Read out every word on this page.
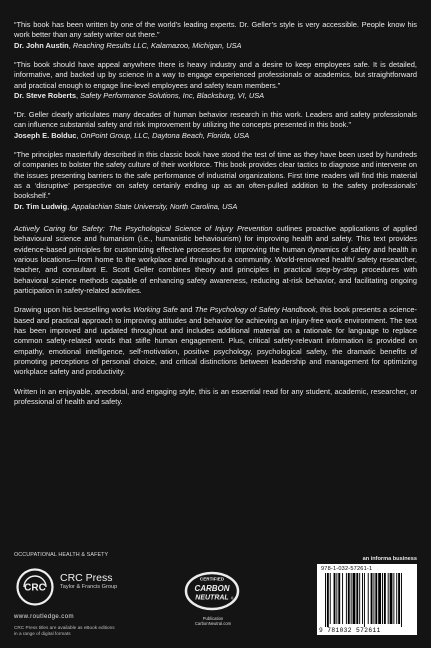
“This book has been written by one of the world’s leading experts. Dr. Geller’s style is very accessible. People know his work better than any safety writer out there.”
Dr. John Austin, Reaching Results LLC, Kalamazoo, Michigan, USA
“This book should have appeal anywhere there is heavy industry and a desire to keep employees safe. It is detailed, informative, and backed up by science in a way to engage experienced professionals or academics, but straightforward and practical enough to engage line-level employees and safety team members.”
Dr. Steve Roberts, Safety Performance Solutions, Inc, Blacksburg, VI, USA
“Dr. Geller clearly articulates many decades of human behavior research in this work. Leaders and safety professionals can influence substantial safety and risk improvement by utilizing the concepts presented in this book.”
Joseph E. Bolduc, OnPoint Group, LLC, Daytona Beach, Florida, USA
“The principles masterfully described in this classic book have stood the test of time as they have been used by hundreds of companies to bolster the safety culture of their workforce. This book provides clear tactics to diagnose and intervene on the issues presenting barriers to the safe performance of industrial organizations. First time readers will find this material as a ‘disruptive’ perspective on safety certainly ending up as an often-pulled addition to the safety professionals’ bookshelf.”
Dr. Tim Ludwig, Appalachian State University, North Carolina, USA

Actively Caring for Safety: The Psychological Science of Injury Prevention outlines proactive applications of applied behavioural science and humanism (i.e., humanistic behaviourism) for improving health and safety. This text provides evidence-based principles for customizing effective processes for improving the human dynamics of safety and health in various locations—from home to the workplace and throughout a community. World-renowned health/ safety researcher, teacher, and consultant E. Scott Geller combines theory and principles in practical step-by-step procedures with behavioral science methods capable of enhancing safety awareness, reducing at-risk behavior, and facilitating ongoing participation in safety-related activities.

Drawing upon his bestselling works Working Safe and The Psychology of Safety Handbook, this book presents a science-based and practical approach to improving attitudes and behavior for achieving an injury-free work environment. The text has been improved and updated throughout and includes additional material on a rationale for language to replace common safety-related words that stifle human engagement. Plus, critical safety-relevant information is provided on empathy, emotional intelligence, self-motivation, positive psychology, psychological safety, the dramatic benefits of promoting perceptions of personal choice, and critical distinctions between leadership and management for optimizing workplace safety and productivity.

Written in an enjoyable, anecdotal, and engaging style, this is an essential read for any student, academic, researcher, or professional of health and safety.

OCCUPATIONAL HEALTH & SAFETY
CRC
CRC Press
Taylor & Francis Group
www.routledge.com
CRC Press titles are available as eBook editions
in a range of digital formats
CERTIFIED
CARBON
NEUTRAL ®
Publication
CarbonNeutral.com
an informa business
978-1-032-57261-1
9 781032 572611
